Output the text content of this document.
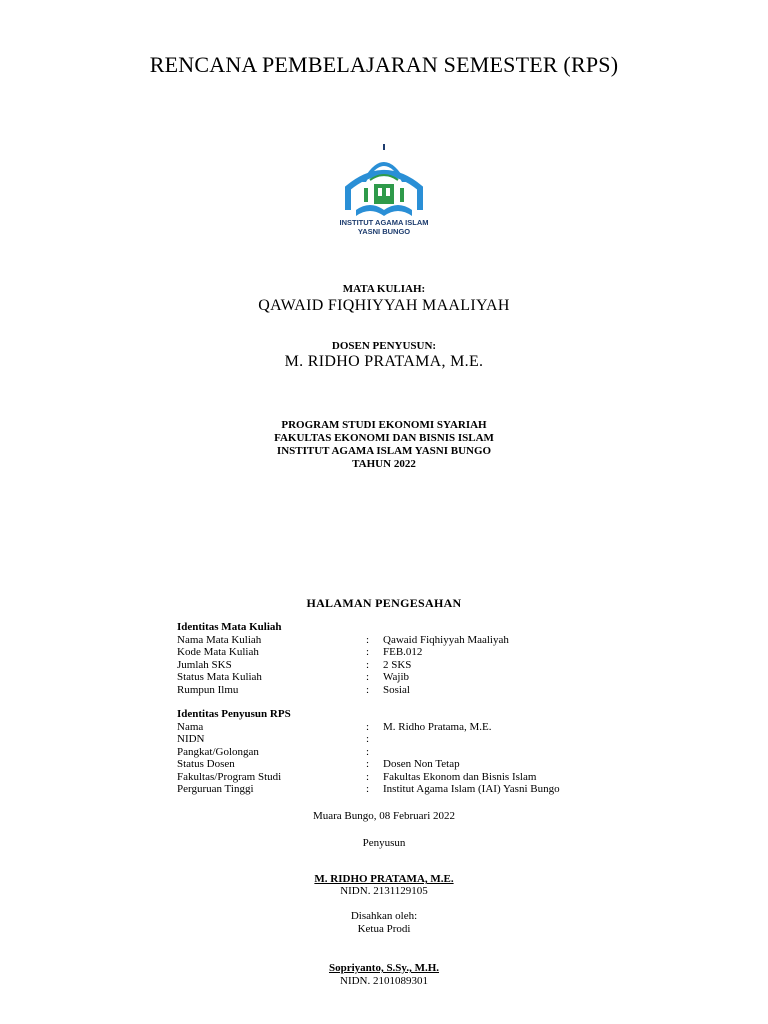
RENCANA PEMBELAJARAN SEMESTER (RPS)
INSTITUT AGAMA ISLAM
YASNI BUNGO
MATA KULIAH:
QAWAID FIQHIYYAH MAALIYAH
DOSEN PENYUSUN:
M. RIDHO PRATAMA, M.E.
PROGRAM STUDI EKONOMI SYARIAH
FAKULTAS EKONOMI DAN BISNIS ISLAM
INSTITUT AGAMA ISLAM YASNI BUNGO
TAHUN 2022
HALAMAN PENGESAHAN
Identitas Mata Kuliah
Nama Mata Kuliah	: Qawaid Fiqhiyyah Maaliyah
Kode Mata Kuliah	: FEB.012
Jumlah SKS	: 2 SKS
Status Mata Kuliah	: Wajib
Rumpun Ilmu	: Sosial
Identitas Penyusun RPS
Nama	: M. Ridho Pratama, M.E.
NIDN	:
Pangkat/Golongan	:
Status Dosen	: Dosen Non Tetap
Fakultas/Program Studi	: Fakultas Ekonom dan Bisnis Islam
Perguruan Tinggi	: Institut Agama Islam (IAI) Yasni Bungo
Muara Bungo, 08 Februari 2022
Penyusun
M. RIDHO PRATAMA, M.E.
NIDN. 2131129105
Disahkan oleh:
Ketua Prodi
Sopriyanto, S.Sy., M.H.
NIDN. 2101089301
